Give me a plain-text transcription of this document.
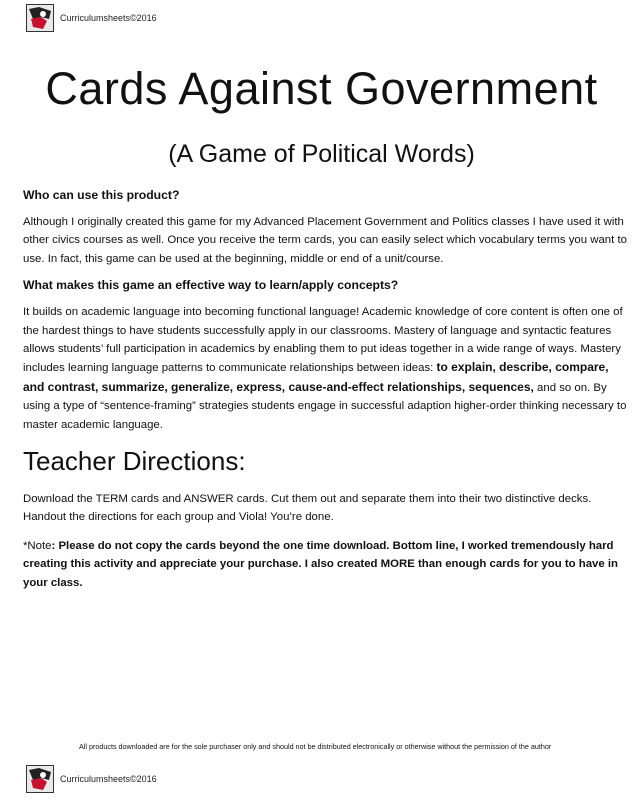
Curriculumsheets©2016
Cards Against Government
(A Game of Political Words)
Who can use this product?

Although I originally created this game for my Advanced Placement Government and Politics classes I have used it with other civics courses as well. Once you receive the term cards, you can easily select which vocabulary terms you want to use. In fact, this game can be used at the beginning, middle or end of a unit/course.

What makes this game an effective way to learn/apply concepts?

It builds on academic language into becoming functional language! Academic knowledge of core content is often one of the hardest things to have students successfully apply in our classrooms. Mastery of language and syntactic features allows students’ full participation in academics by enabling them to put ideas together in a wide range of ways. Mastery includes learning language patterns to communicate relationships between ideas: to explain, describe, compare, and contrast, summarize, generalize, express, cause-and-effect relationships, sequences, and so on. By using a type of “sentence-framing” strategies students engage in successful adaption higher-order thinking necessary to master academic language.

Teacher Directions:

Download the TERM cards and ANSWER cards. Cut them out and separate them into their two distinctive decks. Handout the directions for each group and Viola! You’re done.

*Note: Please do not copy the cards beyond the one time download. Bottom line, I worked tremendously hard creating this activity and appreciate your purchase. I also created MORE than enough cards for you to have in your class.

All products downloaded are for the sole purchaser only and should not be distributed electronically or otherwise without the permission of the author
Curriculumsheets©2016
